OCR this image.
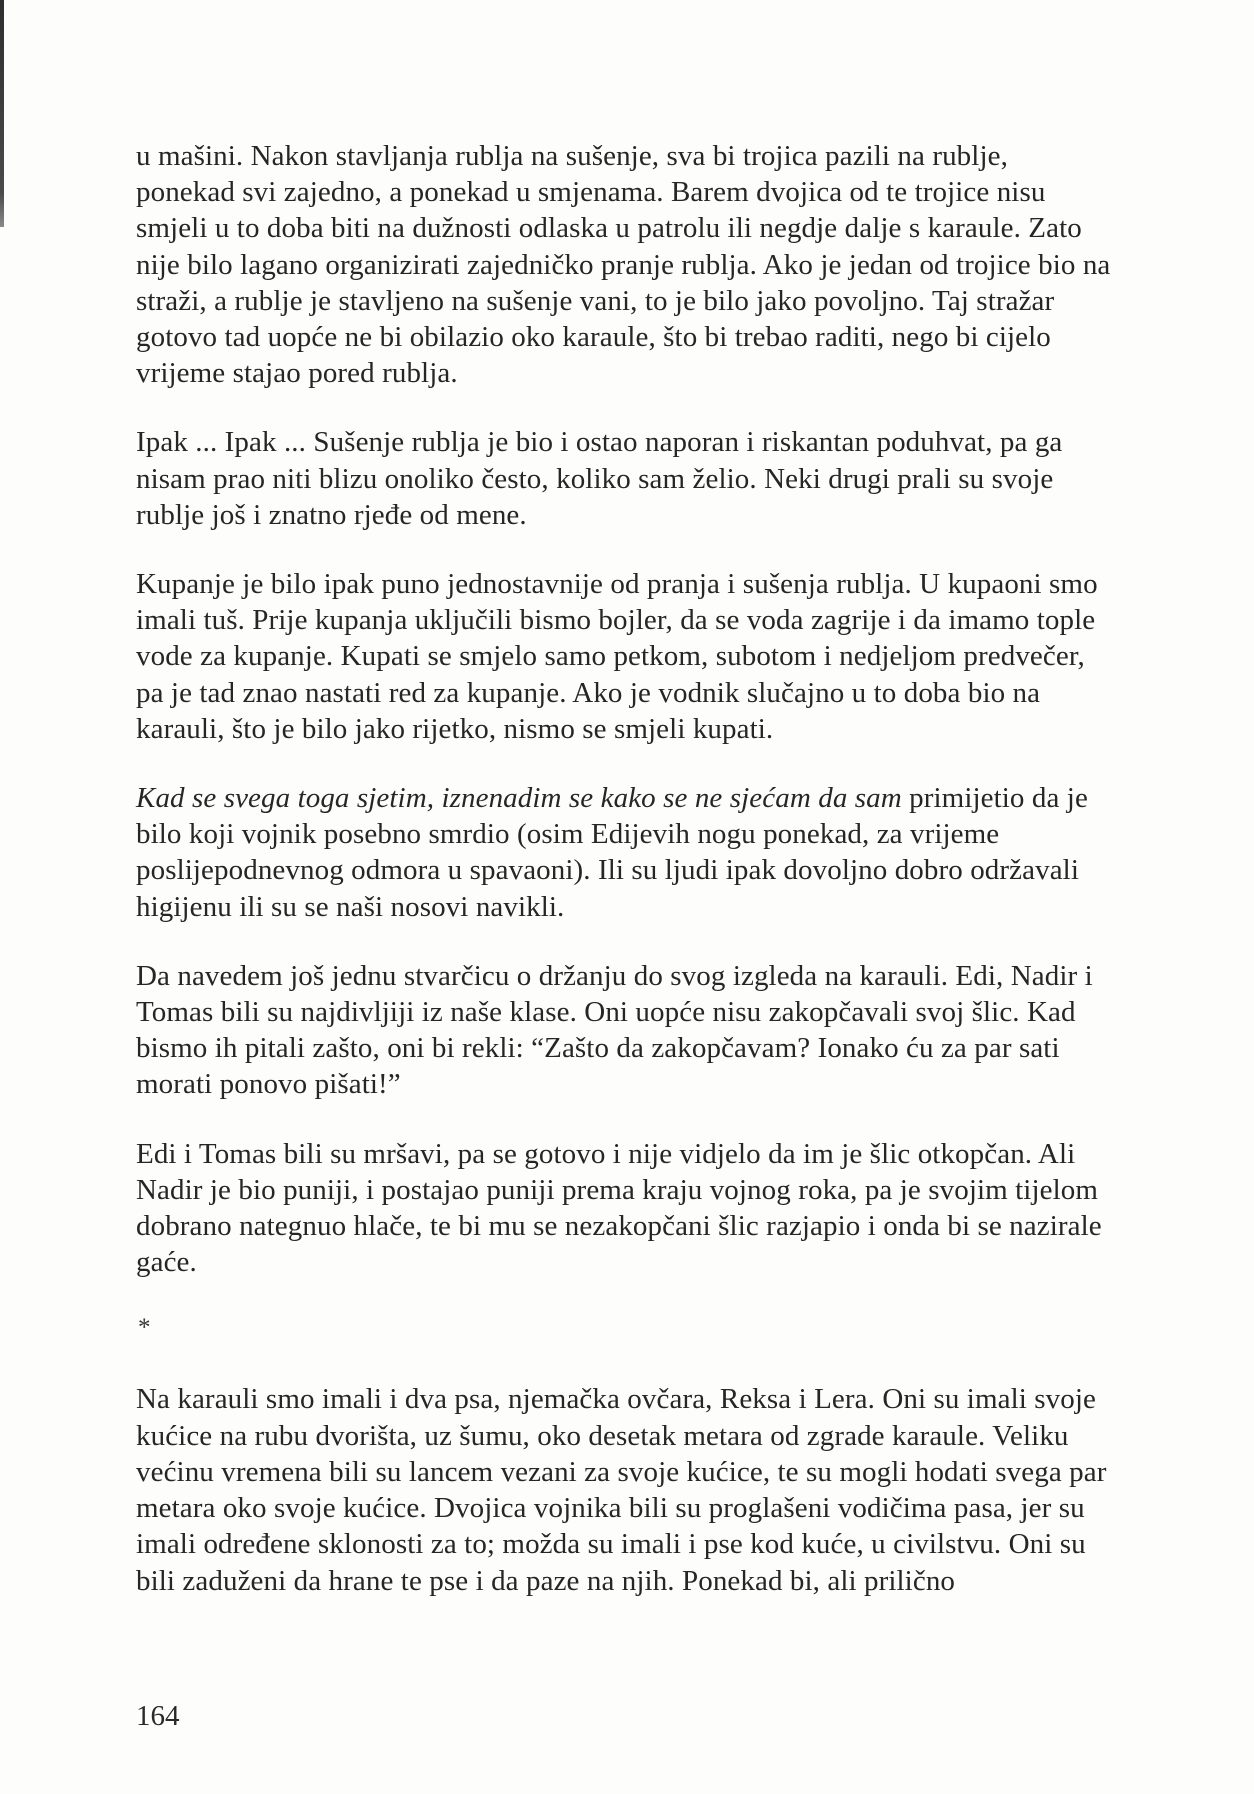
u mašini. Nakon stavljanja rublja na sušenje, sva bi trojica pazili na rublje, ponekad svi zajedno, a ponekad u smjenama. Barem dvojica od te trojice nisu smjeli u to doba biti na dužnosti odlaska u patrolu ili negdje dalje s karaule. Zato nije bilo lagano organizirati zajedničko pranje rublja. Ako je jedan od trojice bio na straži, a rublje je stavljeno na sušenje vani, to je bilo jako povoljno. Taj stražar gotovo tad uopće ne bi obilazio oko karaule, što bi trebao raditi, nego bi cijelo vrijeme stajao pored rublja.

Ipak ... Ipak ... Sušenje rublja je bio i ostao naporan i riskantan poduhvat, pa ga nisam prao niti blizu onoliko često, koliko sam želio. Neki drugi prali su svoje rublje još i znatno rjeđe od mene.

Kupanje je bilo ipak puno jednostavnije od pranja i sušenja rublja. U kupaoni smo imali tuš. Prije kupanja uključili bismo bojler, da se voda zagrije i da imamo tople vode za kupanje. Kupati se smjelo samo petkom, subotom i nedjeljom predvečer, pa je tad znao nastati red za kupanje. Ako je vodnik slučajno u to doba bio na karauli, što je bilo jako rijetko, nismo se smjeli kupati.

Kad se svega toga sjetim, iznenadim se kako se ne sjećam da sam primijetio da je bilo koji vojnik posebno smrdio (osim Edijevih nogu ponekad, za vrijeme poslijepodnevnog odmora u spavaoni). Ili su ljudi ipak dovoljno dobro održavali higijenu ili su se naši nosovi navikli.

Da navedem još jednu stvarčicu o držanju do svog izgleda na karauli. Edi, Nadir i Tomas bili su najdivljiji iz naše klase. Oni uopće nisu zakopčavali svoj šlic. Kad bismo ih pitali zašto, oni bi rekli: “Zašto da zakopčavam? Ionako ću za par sati morati ponovo pišati!”

Edi i Tomas bili su mršavi, pa se gotovo i nije vidjelo da im je šlic otkopčan. Ali Nadir je bio puniji, i postajao puniji prema kraju vojnog roka, pa je svojim tijelom dobrano nategnuo hlače, te bi mu se nezakopčani šlic razjapio i onda bi se nazirale gaće.

*

Na karauli smo imali i dva psa, njemačka ovčara, Reksa i Lera. Oni su imali svoje kućice na rubu dvorišta, uz šumu, oko desetak metara od zgrade karaule. Veliku većinu vremena bili su lancem vezani za svoje kućice, te su mogli hodati svega par metara oko svoje kućice. Dvojica vojnika bili su proglašeni vodičima pasa, jer su imali određene sklonosti za to; možda su imali i pse kod kuće, u civilstvu. Oni su bili zaduženi da hrane te pse i da paze na njih. Ponekad bi, ali prilično

164
